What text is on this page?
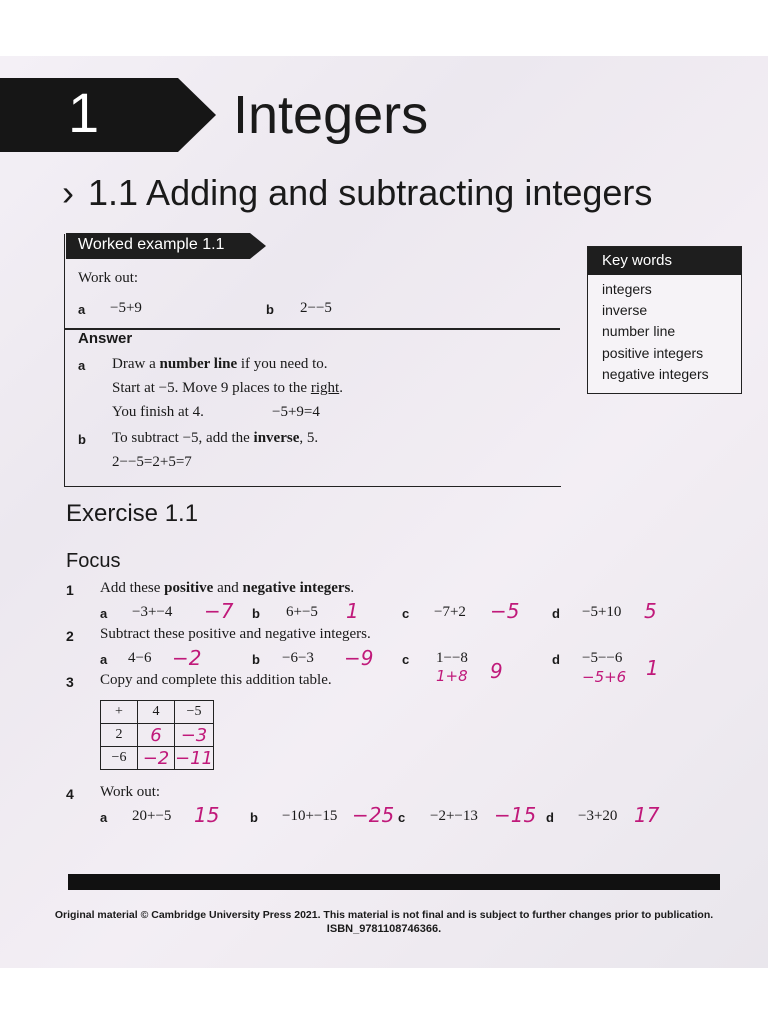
1 Integers
› 1.1 Adding and subtracting integers
Worked example 1.1
Work out:
a −5+9	b 2−−5
Answer
a Draw a number line if you need to.
Start at −5. Move 9 places to the right.
You finish at 4.	−5+9=4
b To subtract −5, add the inverse, 5.
2−−5=2+5=7
Key words
integers
inverse
number line
positive integers
negative integers
Exercise 1.1
Focus
1 Add these positive and negative integers.
a −3+−4 −7 b 6+−5 1	c −7+2 −5	d −5+10 5
2 Subtract these positive and negative integers.
a 4−6 −2	b −6−3 −9 c 1−−8
1+8 9	d −5−−6
−5+6 1
3 Copy and complete this addition table.
+	4	−5
2	6	−3
−6	−2	−11
4 Work out:
a 20+−5 15 b −10+−15 −25 c −2+−13 −15 d −3+20 17
Original material © Cambridge University Press 2021. This material is not final and is subject to further changes prior to publication.
ISBN_9781108746366.
